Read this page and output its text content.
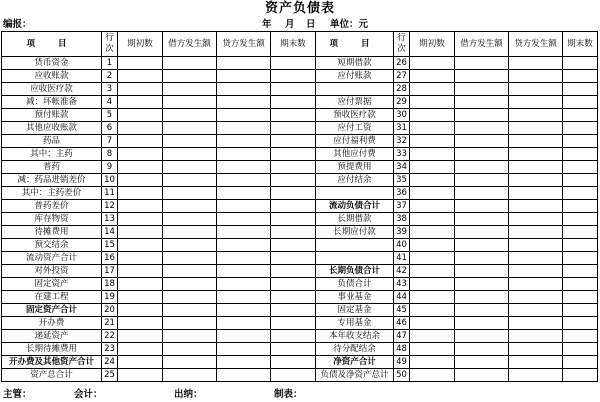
资产负债表
编报：	年 月 日 单位：元
项 目	行次	期初数	借方发生额	贷方发生额	期末数	项 目	行次	期初数	借方发生额	贷方发生额	期末数
货币资金	1					短期借款	26				
应收账款	2					应付账款	27				
应收医疗款	3						28				
减：坏帐准备	4					应付票据	29				
预付账款	5					预收医疗款	30				
其他应收账款	6					应付工资	31				
药品	7					应付福利费	32				
其中：主药	8					其他应付费	33				
普药	9					预提费用	34				
减：药品进销差价	10					应付结余	35				
其中：主药差价	11						36				
普药差价	12					流动负债合计	37				
库存物资	13					长期借款	38				
待摊费用	14					长期应付款	39				
预交结余	15						40				
流动资产合计	16						41				
对外投资	17					长期负债合计	42				
固定资产	18					负债合计	43				
在建工程	19					事业基金	44				
固定资产合计	20					固定基金	45				
开办费	21					专用基金	46				
递延资产	22					本年收支结余	47				
长期待摊费用	23					待分配结余	48				
开办费及其他资产合计	24					净资产合计	49				
资产总合计	25					负债及净资产总计	50				
主管：	会计：	出纳：	制表：
